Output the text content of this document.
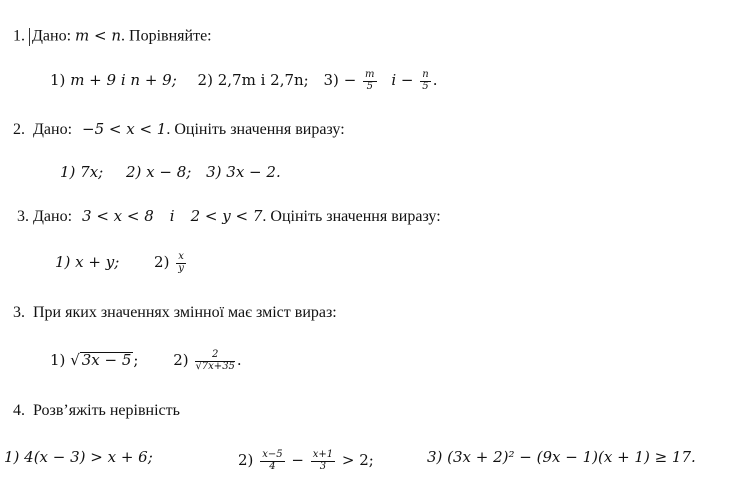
1. Дано: m < n. Порівняйте:
1) m + 9 і n + 9; 2) 2,7m і 2,7n; $3) - \frac{m}{5}$ $і - \frac{n}{5}$ .
2. Дано: −5 < x < 1. Оцініть значення виразу:
1) 7x; 2) x − 8; 3) 3x − 2.
3. Дано: 3 < x < 8 і 2 < y < 7. Оцініть значення виразу:
1) x + y; $2) \frac{x}{y}$
3. При яких значеннях змінної має зміст вираз:
1) √ 3x − 5 ; $2) \frac{2}{√7x+35}$ .
4. Розв’яжіть нерівність
1) 4(x − 3) > x + 6;	$2) \frac{x-5}{4} - \frac{x+1}{3} > 2$;	3) (3x + 2)² − (9x − 1)(x + 1) ≥ 17.
